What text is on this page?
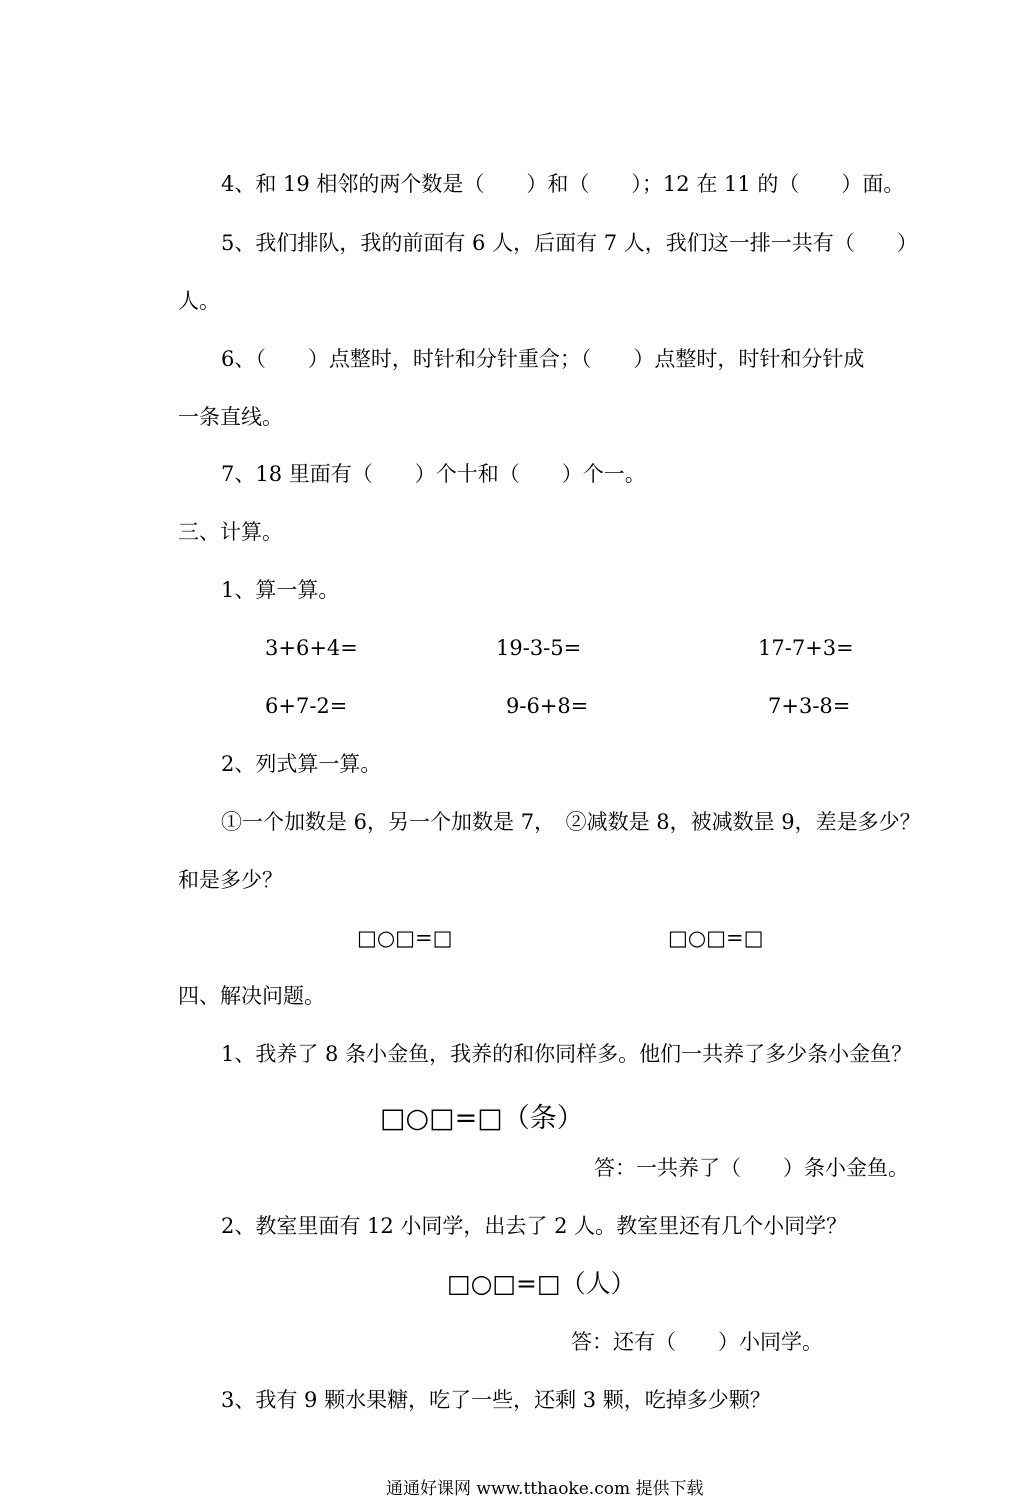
4、和 19 相邻的两个数是（　　）和（　　）；12 在 11 的（　　）面。
5、我们排队，我的前面有 6 人，后面有 7 人，我们这一排一共有（　　）
人。
6、（　　）点整时，时针和分针重合；（　　）点整时，时针和分针成
一条直线。
7、18 里面有（　　）个十和（　　）个一。
三、计算。
1、算一算。
3+6+4=	19-3-5=	17-7+3=
6+7-2=	9-6+8=	7+3-8=
2、列式算一算。
①一个加数是 6，另一个加数是 7，　②减数是 8，被减数昰 9，差是多少？
和是多少？
□○□=□	□○□=□
四、解决问题。
1、我养了 8 条小金鱼，我养的和你同样多。他们一共养了多少条小金鱼？
□○□=□（条）
答：一共养了（　　）条小金鱼。
2、教室里面有 12 小同学，出去了 2 人。教室里还有几个小同学？
□○□=□（人）
答：还有（　　）小同学。
3、我有 9 颗水果糖，吃了一些，还剩 3 颗，吃掉多少颗？
通通好课网 www.tthaoke.com 提供下载
